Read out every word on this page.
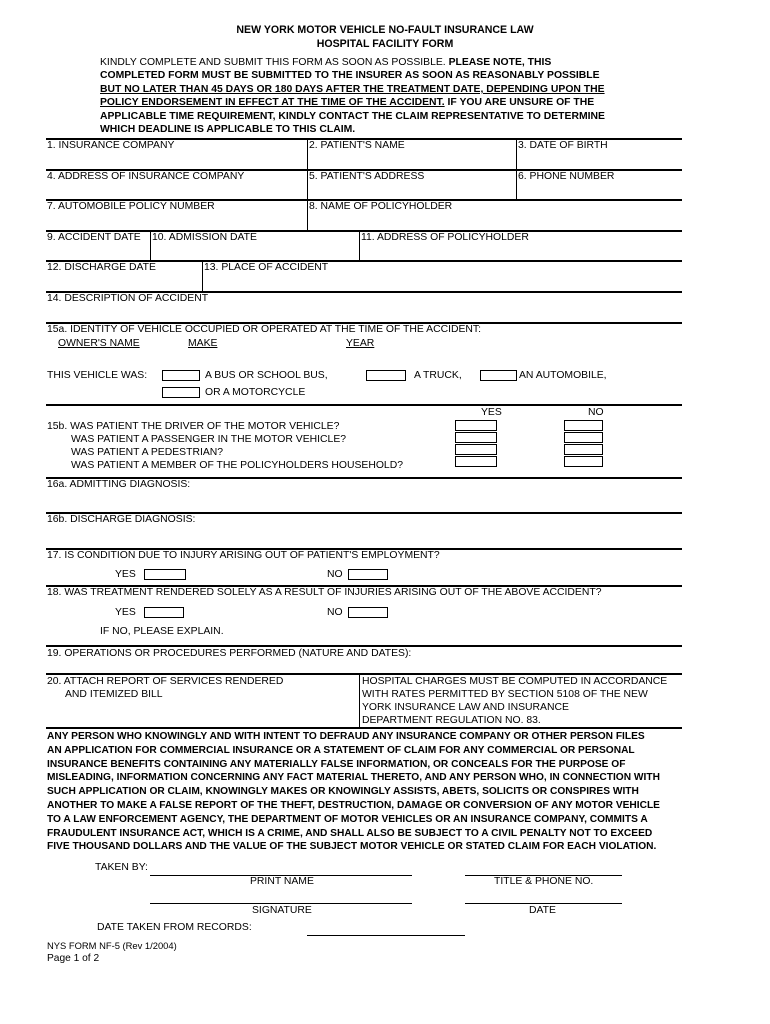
NEW YORK MOTOR VEHICLE NO-FAULT INSURANCE LAW
HOSPITAL FACILITY FORM
KINDLY COMPLETE AND SUBMIT THIS FORM AS SOON AS POSSIBLE. PLEASE NOTE, THIS
COMPLETED FORM MUST BE SUBMITTED TO THE INSURER AS SOON AS REASONABLY POSSIBLE
BUT NO LATER THAN 45 DAYS OR 180 DAYS AFTER THE TREATMENT DATE, DEPENDING UPON THE
POLICY ENDORSEMENT IN EFFECT AT THE TIME OF THE ACCIDENT. IF YOU ARE UNSURE OF THE
APPLICABLE TIME REQUIREMENT, KINDLY CONTACT THE CLAIM REPRESENTATIVE TO DETERMINE
WHICH DEADLINE IS APPLICABLE TO THIS CLAIM.
1. INSURANCE COMPANY	2. PATIENT'S NAME	3. DATE OF BIRTH
4. ADDRESS OF INSURANCE COMPANY	5. PATIENT'S ADDRESS	6. PHONE NUMBER
7. AUTOMOBILE POLICY NUMBER	8. NAME OF POLICYHOLDER
9. ACCIDENT DATE 10. ADMISSION DATE	11. ADDRESS OF POLICYHOLDER
12. DISCHARGE DATE	13. PLACE OF ACCIDENT
14. DESCRIPTION OF ACCIDENT
15a. IDENTITY OF VEHICLE OCCUPIED OR OPERATED AT THE TIME OF THE ACCIDENT:
OWNER'S NAME	MAKE	YEAR
THIS VEHICLE WAS:	A BUS OR SCHOOL BUS,	A TRUCK,	AN AUTOMOBILE,
OR A MOTORCYCLE
YES	NO
15b. WAS PATIENT THE DRIVER OF THE MOTOR VEHICLE?
WAS PATIENT A PASSENGER IN THE MOTOR VEHICLE?
WAS PATIENT A PEDESTRIAN?
WAS PATIENT A MEMBER OF THE POLICYHOLDERS HOUSEHOLD?
16a. ADMITTING DIAGNOSIS:
16b. DISCHARGE DIAGNOSIS:
17. IS CONDITION DUE TO INJURY ARISING OUT OF PATIENT'S EMPLOYMENT?
YES	NO
18. WAS TREATMENT RENDERED SOLELY AS A RESULT OF INJURIES ARISING OUT OF THE ABOVE ACCIDENT?
YES	NO
IF NO, PLEASE EXPLAIN.
19. OPERATIONS OR PROCEDURES PERFORMED (NATURE AND DATES):
20. ATTACH REPORT OF SERVICES RENDERED
AND ITEMIZED BILL
HOSPITAL CHARGES MUST BE COMPUTED IN ACCORDANCE
WITH RATES PERMITTED BY SECTION 5108 OF THE NEW
YORK INSURANCE LAW AND INSURANCE
DEPARTMENT REGULATION NO. 83.
ANY PERSON WHO KNOWINGLY AND WITH INTENT TO DEFRAUD ANY INSURANCE COMPANY OR OTHER PERSON FILES
AN APPLICATION FOR COMMERCIAL INSURANCE OR A STATEMENT OF CLAIM FOR ANY COMMERCIAL OR PERSONAL
INSURANCE BENEFITS CONTAINING ANY MATERIALLY FALSE INFORMATION, OR CONCEALS FOR THE PURPOSE OF
MISLEADING, INFORMATION CONCERNING ANY FACT MATERIAL THERETO, AND ANY PERSON WHO, IN CONNECTION WITH
SUCH APPLICATION OR CLAIM, KNOWINGLY MAKES OR KNOWINGLY ASSISTS, ABETS, SOLICITS OR CONSPIRES WITH
ANOTHER TO MAKE A FALSE REPORT OF THE THEFT, DESTRUCTION, DAMAGE OR CONVERSION OF ANY MOTOR VEHICLE
TO A LAW ENFORCEMENT AGENCY, THE DEPARTMENT OF MOTOR VEHICLES OR AN INSURANCE COMPANY, COMMITS A
FRAUDULENT INSURANCE ACT, WHICH IS A CRIME, AND SHALL ALSO BE SUBJECT TO A CIVIL PENALTY NOT TO EXCEED
FIVE THOUSAND DOLLARS AND THE VALUE OF THE SUBJECT MOTOR VEHICLE OR STATED CLAIM FOR EACH VIOLATION.
TAKEN BY:
PRINT NAME	TITLE & PHONE NO.
SIGNATURE	DATE
DATE TAKEN FROM RECORDS:
NYS FORM NF-5 (Rev 1/2004)
Page 1 of 2
